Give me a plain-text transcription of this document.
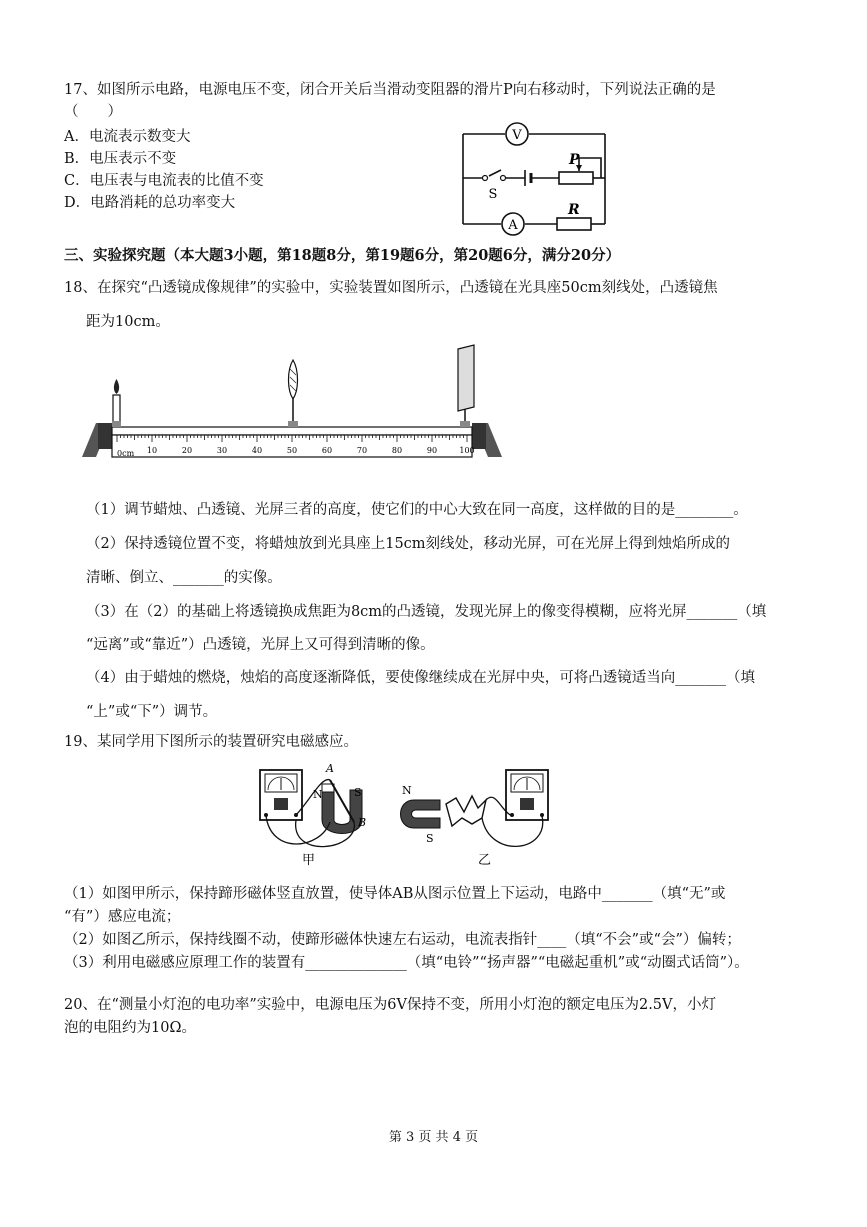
17、如图所示电路，电源电压不变，闭合开关后当滑动变阻器的滑片P向右移动时，下列说法正确的是
（　　）
A．电流表示数变大
B．电压表示不变
C．电压表与电流表的比值不变
D．电路消耗的总功率变大
V
A
S
P
R
三、实验探究题（本大题3小题，第18题8分，第19题6分，第20题6分，满分20分）
18、在探究“凸透镜成像规律”的实验中，实验装置如图所示，凸透镜在光具座50cm刻线处，凸透镜焦
距为10cm。
0cm 10	20	30	40	50	60	70	80	90	100
（1）调节蜡烛、凸透镜、光屏三者的高度，使它们的中心大致在同一高度，这样做的目的是________。
（2）保持透镜位置不变，将蜡烛放到光具座上15cm刻线处，移动光屏，可在光屏上得到烛焰所成的
清晰、倒立、_______的实像。
（3）在（2）的基础上将透镜换成焦距为8cm的凸透镜，发现光屏上的像变得模糊，应将光屏_______（填
“远离”或“靠近”）凸透镜，光屏上又可得到清晰的像。
（4）由于蜡烛的燃烧，烛焰的高度逐渐降低，要使像继续成在光屏中央，可将凸透镜适当向_______（填
“上”或“下”）调节。
19、某同学用下图所示的装置研究电磁感应。
A
B
N	S	N
S
甲	乙
（1）如图甲所示，保持蹄形磁体竖直放置，使导体AB从图示位置上下运动，电路中_______（填“无”或
“有”）感应电流；
（2）如图乙所示，保持线圈不动，使蹄形磁体快速左右运动，电流表指针____（填“不会”或“会”）偏转；
（3）利用电磁感应原理工作的装置有______________（填“电铃”“扬声器”“电磁起重机”或“动圈式话筒”）。
20、在“测量小灯泡的电功率”实验中，电源电压为6V保持不变，所用小灯泡的额定电压为2.5V，小灯
泡的电阻约为10Ω。
第 3 页 共 4 页
